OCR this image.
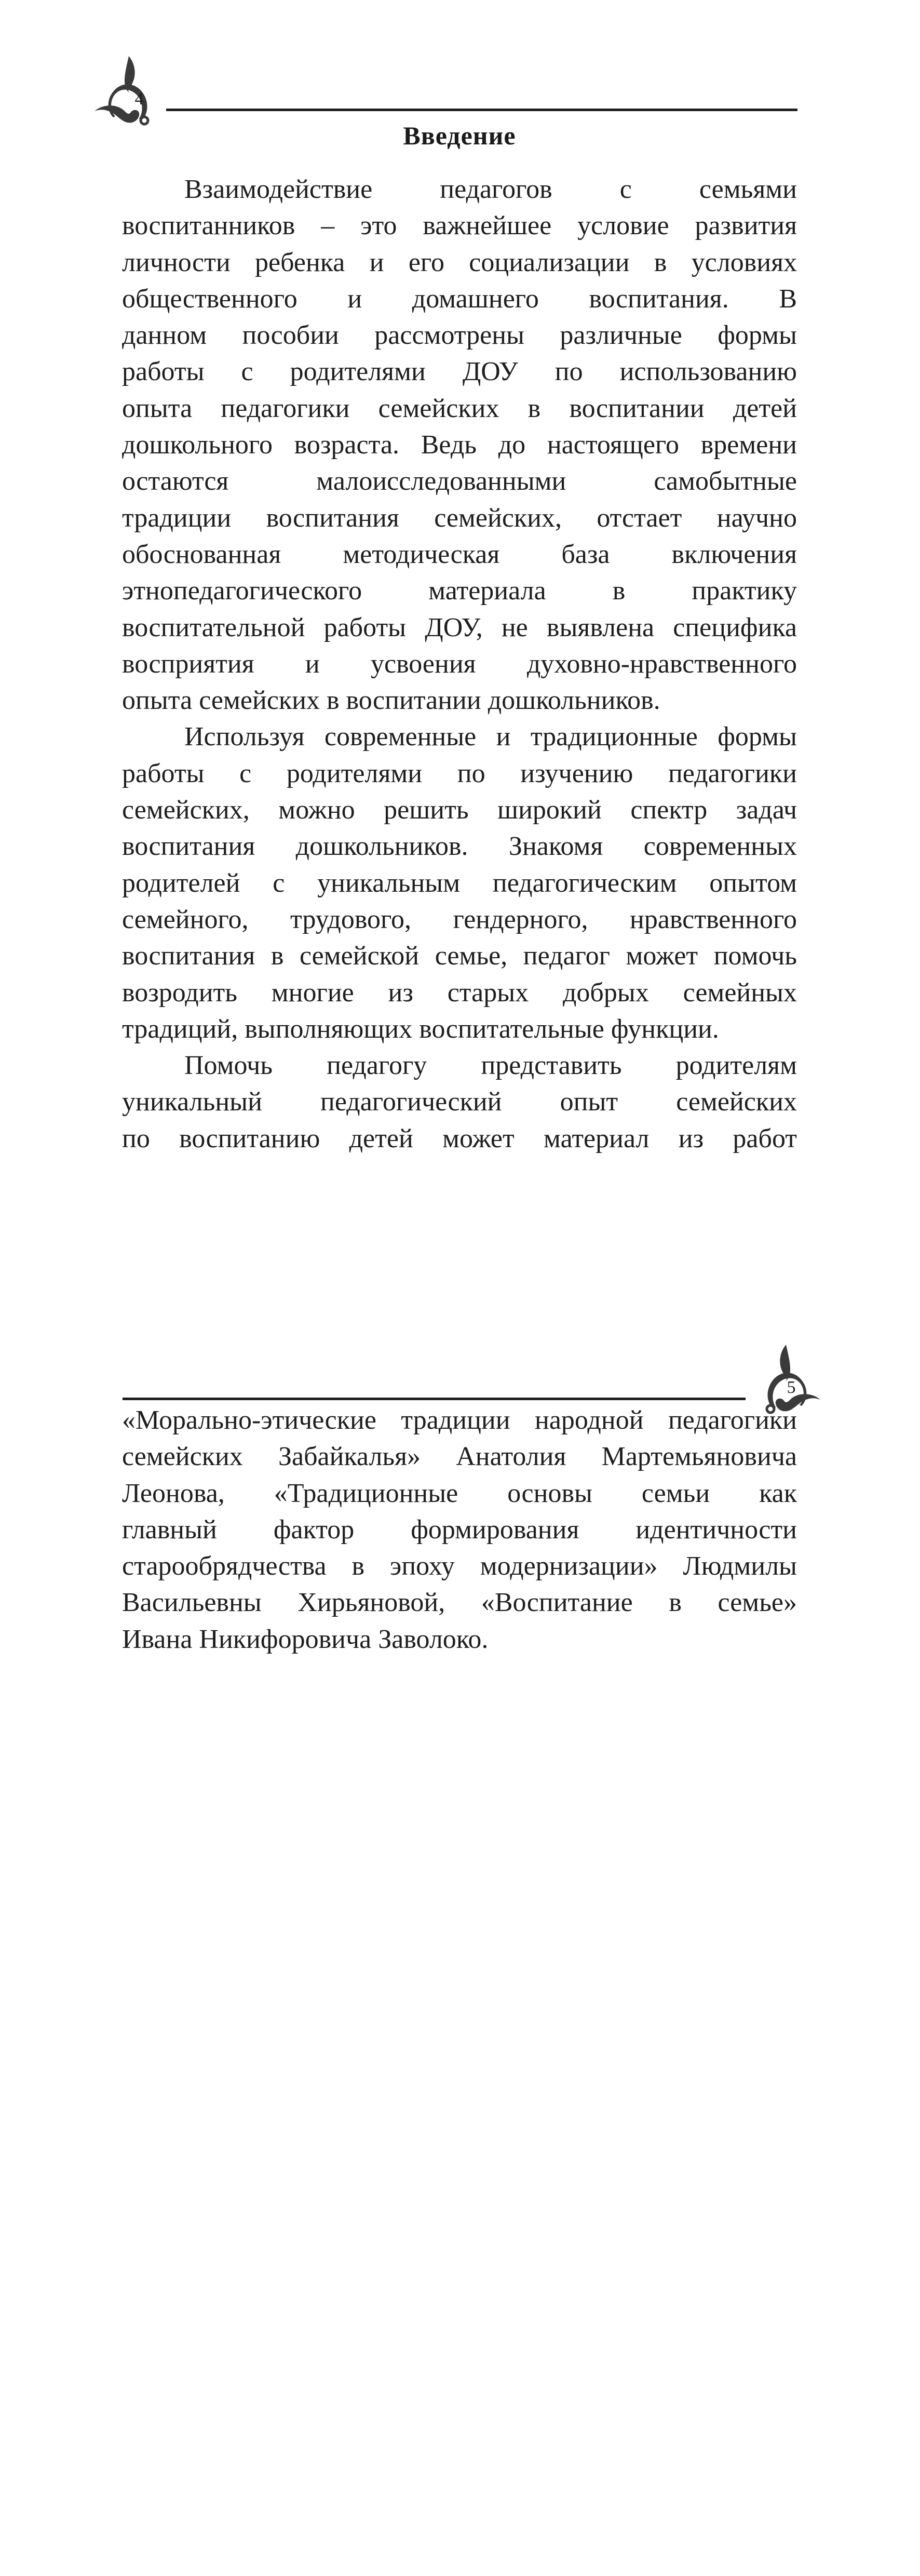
4
Введение
Взаимодействие педагогов с семьями
воспитанников – это важнейшее условие развития
личности ребенка и его социализации в условиях
общественного и домашнего воспитания. В
данном пособии рассмотрены различные формы
работы с родителями ДОУ по использованию
опыта педагогики семейских в воспитании детей
дошкольного возраста. Ведь до настоящего времени
остаются малоисследованными самобытные
традиции воспитания семейских, отстает научно
обоснованная методическая база включения
этнопедагогического материала в практику
воспитательной работы ДОУ, не выявлена специфика
восприятия и усвоения духовно-нравственного
опыта семейских в воспитании дошкольников.
Используя современные и традиционные формы
работы с родителями по изучению педагогики
семейских, можно решить широкий спектр задач
воспитания дошкольников. Знакомя современных
родителей с уникальным педагогическим опытом
семейного, трудового, гендерного, нравственного
воспитания в семейской семье, педагог может помочь
возродить многие из старых добрых семейных
традиций, выполняющих воспитательные функции.
Помочь педагогу представить родителям
уникальный педагогический опыт семейских
по воспитанию детей может материал из работ
5
«Морально-этические традиции народной педагогики
семейских Забайкалья» Анатолия Мартемьяновича
Леонова, «Традиционные основы семьи как
главный фактор формирования идентичности
старообрядчества в эпоху модернизации» Людмилы
Васильевны Хирьяновой, «Воспитание в семье»
Ивана Никифоровича Заволоко.
